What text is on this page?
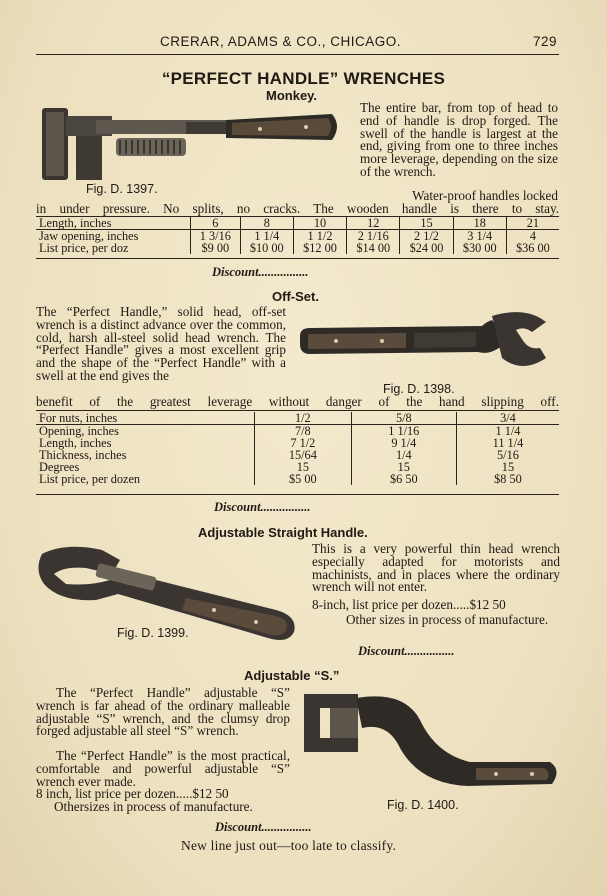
CRERAR, ADAMS & CO., CHICAGO.	729
“PERFECT HANDLE” WRENCHES
Monkey.
The entire bar, from top of head to end of handle is drop forged. The swell of the handle is largest at the end, giving from one to three inches more leverage, depending on the size of the wrench.
Fig. D. 1397.	Water-proof handles locked
in under pressure. No splits, no cracks. The wooden handle is there to stay.
Length, inches	6	8	10	12	15	18	21
Jaw opening, inches	1 3/16	1 1/4	1 1/2	2 1/16	2 1/2	3 1/4	4
List price, per doz	$9 00	$10 00	$12 00	$14 00	$24 00	$30 00	$36 00
Discount................
Off-Set.
The “Perfect Handle,” solid head, off-set wrench is a distinct advance over the common, cold, harsh all-steel solid head wrench. The “Perfect Handle” gives a most excellent grip and the shape of the “Perfect Handle” with a swell at the end gives the
Fig. D. 1398.
benefit of the greatest leverage without danger of the hand slipping off.
For nuts, inches	1/2	5/8	3/4
Opening, inches	7/8	1 1/16	1 1/4
Length, inches	7 1/2	9 1/4	11 1/4
Thickness, inches	15/64	1/4	5/16
Degrees	15	15	15
List price, per dozen	$5 00	$6 50	$8 50
Discount................
Adjustable Straight Handle.
Fig. D. 1399.
This is a very powerful thin head wrench especially adapted for motorists and machinists, and in places where the ordinary wrench will not enter.
8-inch, list price per dozen.....$12 50
Other sizes in process of manufacture.
Discount................
Adjustable “S.”
The “Perfect Handle” adjustable “S” wrench is far ahead of the ordinary malleable adjustable “S” wrench, and the clumsy drop forged adjustable all steel “S” wrench.
The “Perfect Handle” is the most practical, comfortable and powerful adjustable “S” wrench ever made.
8 inch, list price per dozen.....$12 50
Othersizes in process of manufacture.	Fig. D. 1400.
Discount................
New line just out—too late to classify.
